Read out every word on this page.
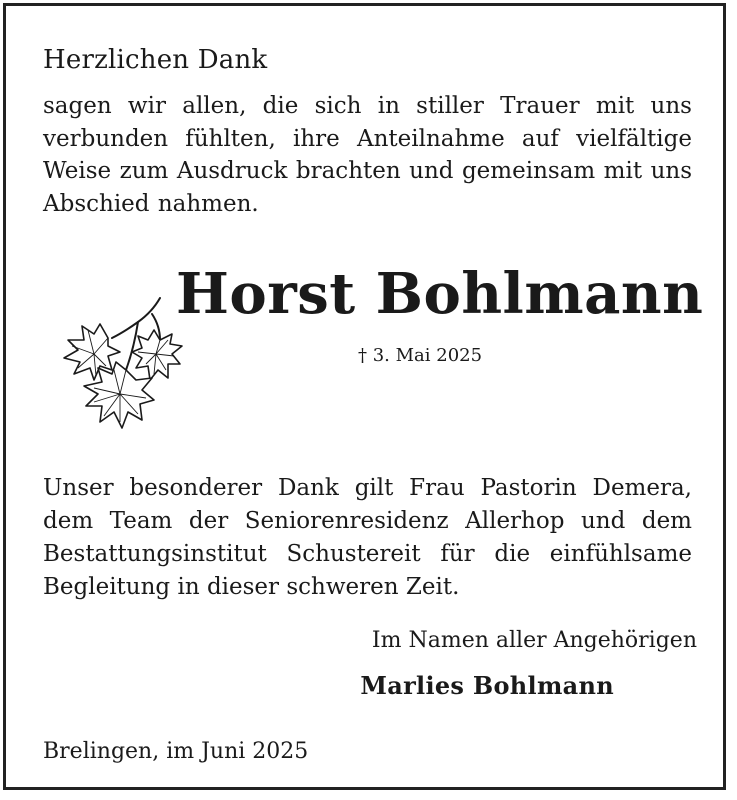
Herzlichen Dank

sagen wir allen, die sich in stiller Trauer mit uns verbunden fühlten, ihre Anteilnahme auf vielfältige Weise zum Ausdruck brachten und gemeinsam mit uns Abschied nahmen.

Horst Bohlmann

† 3. Mai 2025

Unser besonderer Dank gilt Frau Pastorin Demera, dem Team der Seniorenresidenz Allerhop und dem Bestattungsinstitut Schustereit für die einfühlsame Begleitung in dieser schweren Zeit.

Im Namen aller Angehörigen

Marlies Bohlmann

Brelingen, im Juni 2025
